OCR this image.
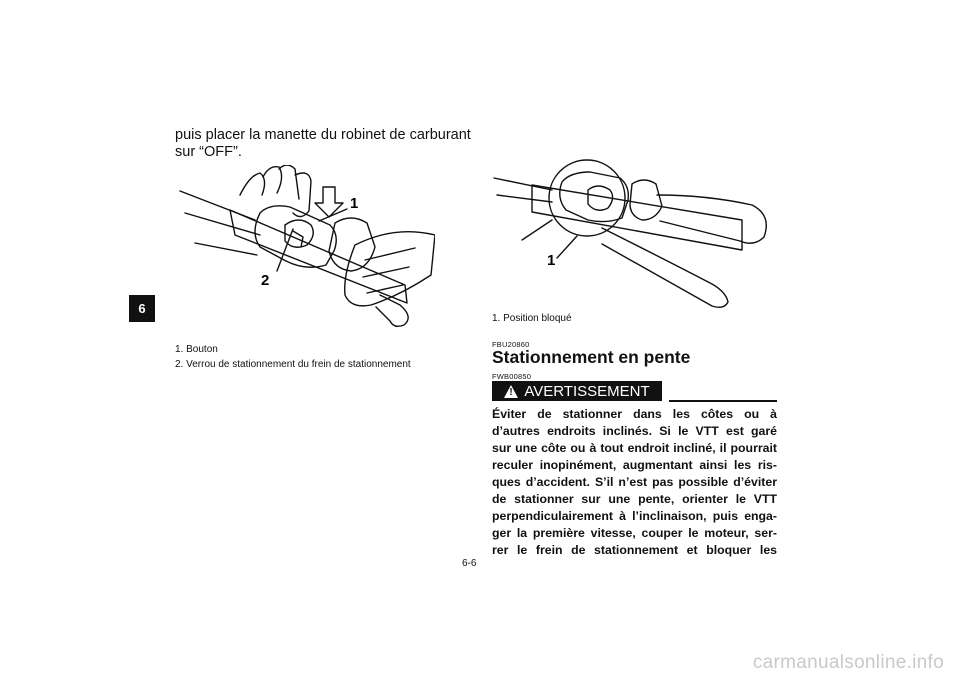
6
puis placer la manette du robinet de carburant sur “OFF”.
1
2
1
1. Bouton
2. Verrou de stationnement du frein de stationnement
1. Position bloqué
FBU20860
Stationnement en pente
FWB00850
! AVERTISSEMENT
Éviter de stationner dans les côtes ou à
d’autres endroits inclinés. Si le VTT est garé
sur une côte ou à tout endroit incliné, il pourrait
reculer inopinément, augmentant ainsi les ris-
ques d’accident. S’il n’est pas possible d’éviter
de stationner sur une pente, orienter le VTT
perpendiculairement à l’inclinaison, puis enga-
ger la première vitesse, couper le moteur, ser-
rer le frein de stationnement et bloquer les
6-6
carmanualsonline.info
